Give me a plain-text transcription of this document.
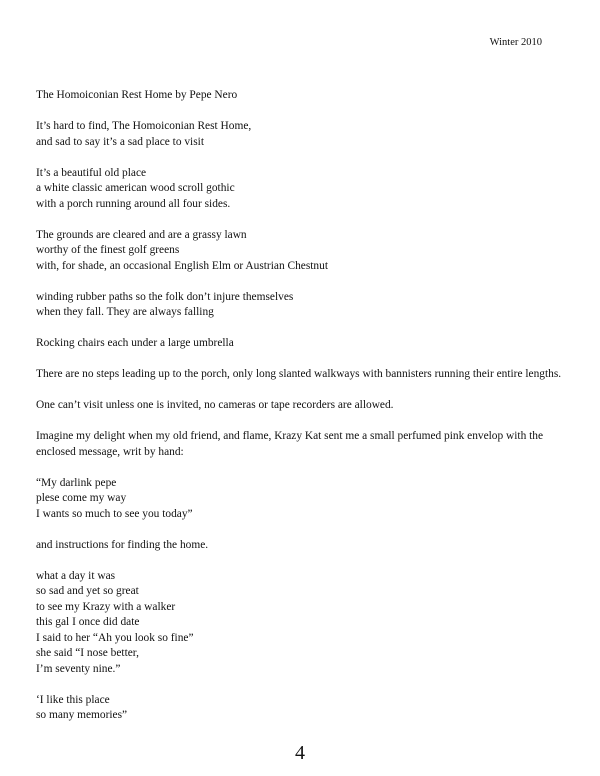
Winter 2010
The Homoiconian Rest Home by Pepe Nero
It’s hard to find, The Homoiconian Rest Home,
and sad to say it’s a sad place to visit
It’s a beautiful old place
a white classic american wood scroll gothic
with a porch running around all four sides.
The grounds are cleared and are a grassy lawn
worthy of the finest golf greens
with, for shade, an occasional English Elm or Austrian Chestnut
winding rubber paths so the folk don’t injure themselves
when they fall. They are always falling
Rocking chairs each under a large umbrella
There are no steps leading up to the porch, only long slanted walkways with bannisters running their entire lengths.
One can’t visit unless one is invited, no cameras or tape recorders are allowed.
Imagine my delight when my old friend, and flame, Krazy Kat sent me a small perfumed pink envelop with the
enclosed message, writ by hand:
“My darlink pepe
plese come my way
I wants so much to see you today”
and instructions for finding the home.
what a day it was
so sad and yet so great
to see my Krazy with a walker
this gal I once did date
I said to her “Ah you look so fine”
she said “I nose better,
I’m seventy nine.”
‘I like this place
so many memories”
4
